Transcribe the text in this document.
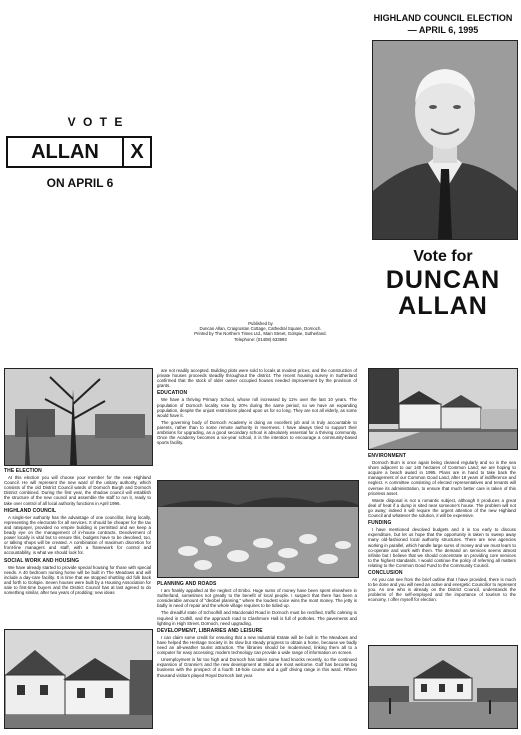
V O T E
ALLAN	X
ON APRIL 6
HIGHLAND COUNCIL ELECTION
— APRIL 6, 1995
Vote for
DUNCAN
ALLAN
Published by
Duncan Allan, Craigrostan Cottage, Cathedral Square, Dornoch.
Printed by The Northern Times Ltd., Main Street, Golspie, Sutherland.
Telephone: (01408) 633993
THE ELECTION

At this election you will choose your member for the new Highland Council. He will represent the new ward of the unitary authority, which consists of the old District Council wards of Dornoch Burgh and Dornoch District combined. During the first year, the shadow council will establish the structure of the new council and assemble the staff to run it, ready to take over control of all local authority functions in April 1996.

HIGHLAND COUNCIL

A single-tier authority has the advantage of one councillor, living locally, representing the electorate for all services. It should be cheaper for the tax and ratepayer, provided no empire building is permitted and we keep a beady eye on the management of in-house contracts. Devolvement of power locally is vital but to ensure this, budgets have to be devolved, too, or talking shops will be created. A combination of maximum discretion for front-line managers and staff, with a framework for control and accountability, is what we should look for.

SOCIAL WORK AND HOUSING

We have already started to provide special housing for those with special needs. A 40 bedroom nursing home will be built in The Meadows and will include a day-care facility. It is time that we stopped shuttling old folk back and forth to Golspie. Seven houses were built by a Housing Association for sale to first-time buyers and the District Council has at last agreed to do something similar, after two years of prodding; new ideas

are not readily accepted. Building plots were sold to locals at modest prices, and the construction of private houses proceeds steadily throughout the district. The recent housing survey in Sutherland confirmed that the stock of older owner occupied houses needed improvement by the provision of grants.

EDUCATION

We have a thriving Primary School, whose roll increased by 11% over the last 10 years. The population of Dornoch locality rose by 20% during the same period, so we have an expanding population, despite the unjust restrictions placed upon us for so long. They are not all elderly, as some would have it.

The governing body of Dornoch Academy is doing an excellent job and is truly accountable to parents, rather than to some remote authority in Inverness. I have always tried to support their ambitions for upgrading, as a good secondary school is absolutely essential for a thriving community. Once the Academy becomes a six-year school, it is the intention to encourage a community-based sports facility.

PLANNING AND ROADS

I am frankly appalled at the neglect of Embo. Huge sums of money have been spent elsewhere in Sutherland, sometimes not greatly to the benefit of local people. I suspect that there has been a considerable amount of "decibel planning," where the loudest voice wins the most money. The jetty is badly in need of repair and the whole village requires to be tidied up.

The dreadful state of Schoolhill and Macdonald Road in Dornoch must be rectified, traffic calming is required in Cuthill, and the approach road to Clashmore Hall is full of potholes. The pavements and lighting in High Street, Dornoch, need upgrading.

DEVELOPMENT, LIBRARIES AND LEISURE

I can claim some credit for ensuring that a new Industrial Estate will be built in The Meadows and have helped the Heritage Society in its slow but steady progress to obtain a home, because we badly need an all-weather tourist attraction. The libraries should be modernised, linking them all to a computer for easy accessing; modern technology can provide a wide range of information on screen.

Unemployment is far too high and Dornoch has taken some hard knocks recently, so the continued expansion of Grannie's and the new development at Skibo are most welcome. Golf has become big business with the prospect of a fourth 18-hole course and a golf driving range in this ward. Fifteen thousand visitors played Royal Dornoch last year.

ENVIRONMENT

Dornoch Burn is once again being cleaned regularly and so is the sea shore adjacent to our 140 hectares of Common Land; we are hoping to acquire a beach award in 1995. Plans are in hand to take back the management of our Common Good Land, after 18 years of indifference and neglect. A committee consisting of elected representatives and tenants will oversee its administration, to ensure that much better care is taken of this priceless asset.

Waste disposal is not a romantic subject, although it produces a great deal of heat if a dump is sited near someone's house. The problem will not go away; indeed it will require the urgent attention of the new Highland Council and whatever the solution, it will be expensive.

FUNDING

I have mentioned devolved budgets and it is too early to discuss expenditure, but let us hope that the opportunity is taken to sweep away many old-fashioned local authority structures. There are new agencies working in parallel, which handle large sums of money and we must learn to co-operate and work with them. The demand on services seems almost infinite but I believe that we should concentrate on providing core services to the highest standards. I would continue the policy of referring all matters relating to the Common Good Fund to the Community Council.

CONCLUSION

As you can see from the brief outline that I have provided, there is much to be done and you will need an active and energetic Councillor to represent you. As one who is already on the District Council, understands the problems of the self-employed and the importance of tourism to the economy, I offer myself for election.
